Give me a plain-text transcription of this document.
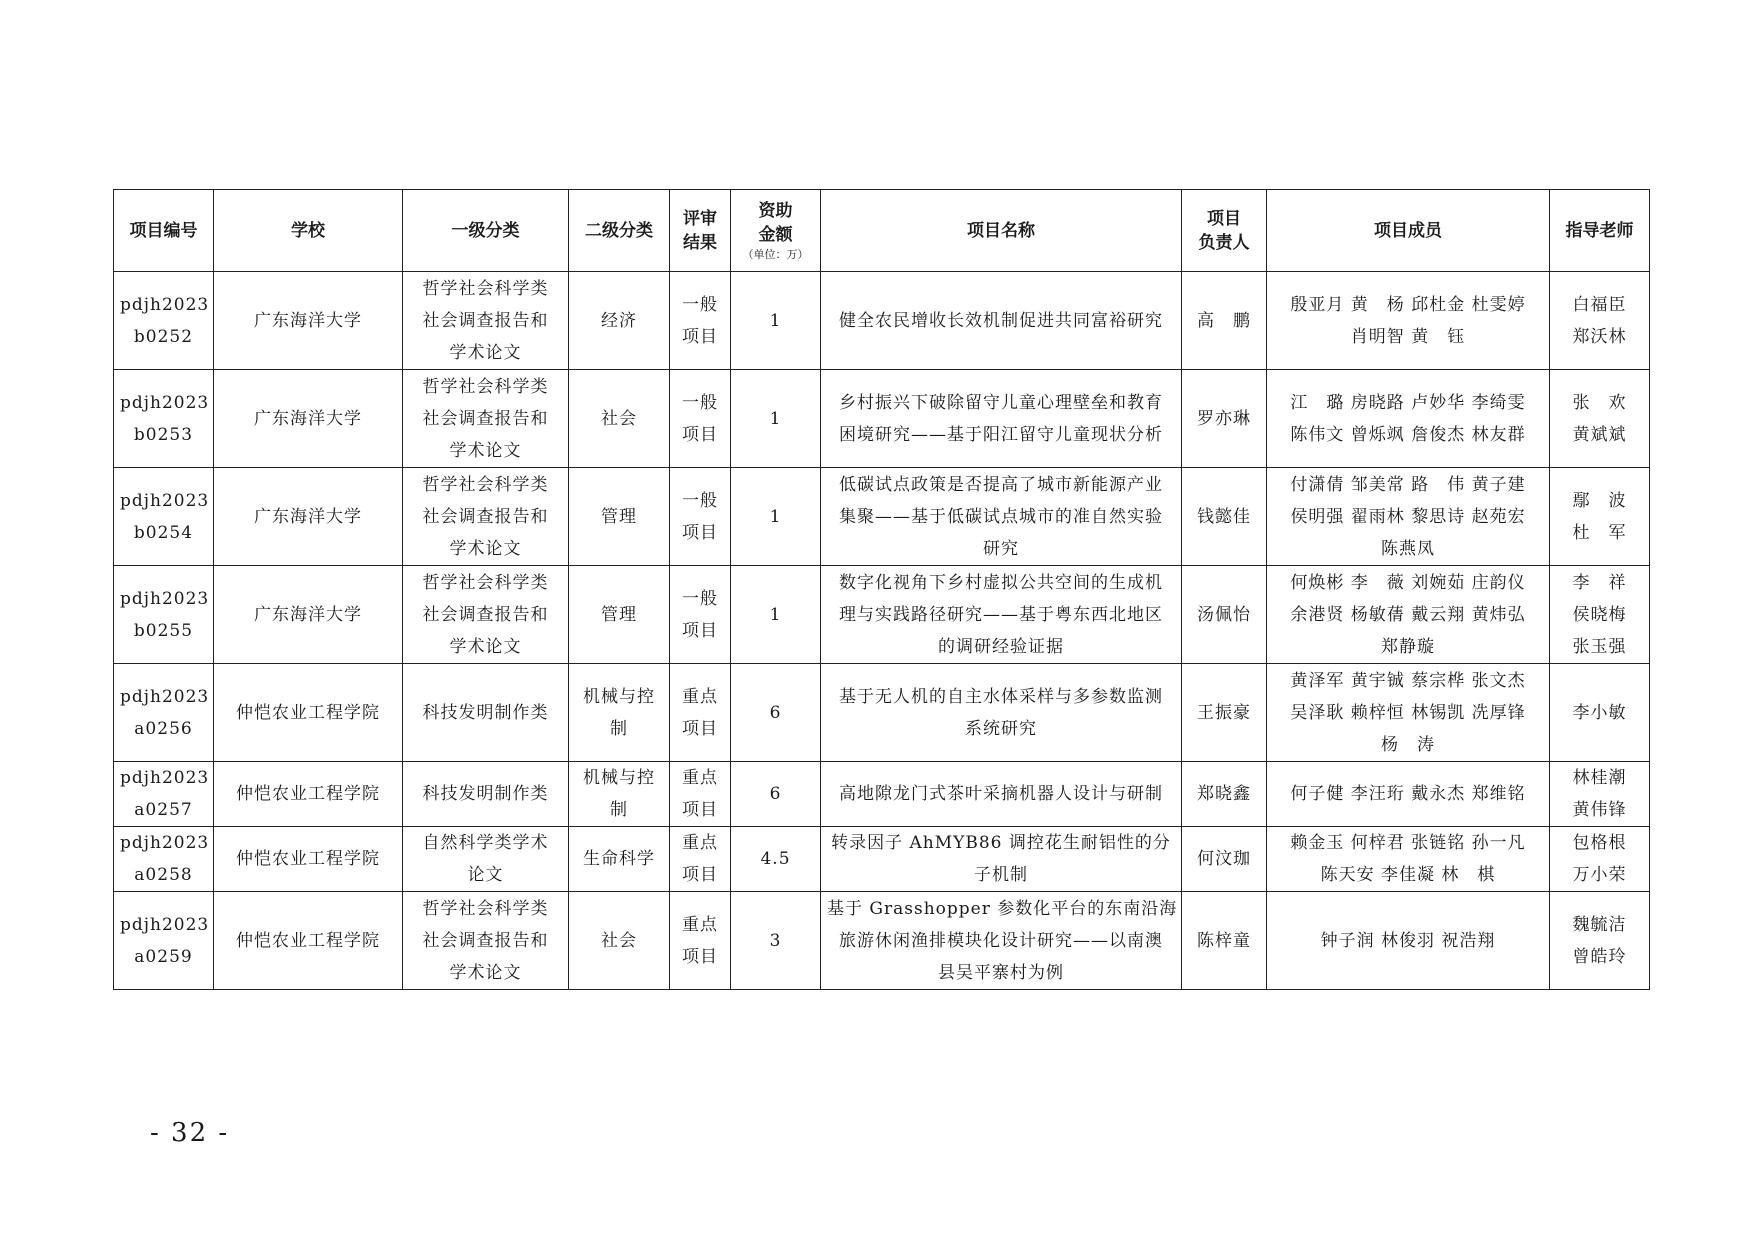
项目编号	学校	一级分类	二级分类	评审
结果	资助
金额
（单位：万）	项目名称	项目
负责人	项目成员	指导老师

pdjh2023
b0252	广东海洋大学	哲学社会科学类
社会调查报告和
学术论文	经济	一般
项目	1	健全农民增收长效机制促进共同富裕研究	高　鹏	殷亚月 黄　杨 邱杜金 杜雯婷
肖明智 黄　钰	白福臣
郑沃林

pdjh2023
b0253	广东海洋大学	哲学社会科学类
社会调查报告和
学术论文	社会	一般
项目	1	乡村振兴下破除留守儿童心理壁垒和教育
困境研究——基于阳江留守儿童现状分析	罗亦琳	江　璐 房晓路 卢妙华 李绮雯
陈伟文 曾烁飒 詹俊杰 林友群	张　欢
黄斌斌

pdjh2023
b0254	广东海洋大学	哲学社会科学类
社会调查报告和
学术论文	管理	一般
项目	1	低碳试点政策是否提高了城市新能源产业
集聚——基于低碳试点城市的准自然实验
研究	钱懿佳	付潇倩 邹美常 路　伟 黄子建
侯明强 翟雨林 黎思诗 赵苑宏
陈燕凤	鄢　波
杜　军

pdjh2023
b0255	广东海洋大学	哲学社会科学类
社会调查报告和
学术论文	管理	一般
项目	1	数字化视角下乡村虚拟公共空间的生成机
理与实践路径研究——基于粤东西北地区
的调研经验证据	汤佩怡	何焕彬 李　薇 刘婉茹 庄韵仪
余港贤 杨敏蒨 戴云翔 黄炜弘
郑静璇	李　祥
侯晓梅
张玉强

pdjh2023
a0256	仲恺农业工程学院	科技发明制作类	机械与控
制	重点
项目	6	基于无人机的自主水体采样与多参数监测
系统研究	王振豪	黄泽军 黄宇铖 蔡宗桦 张文杰
吴泽耿 赖梓恒 林锡凯 冼厚锋
杨　涛	李小敏

pdjh2023
a0257	仲恺农业工程学院	科技发明制作类	机械与控
制	重点
项目	6	高地隙龙门式茶叶采摘机器人设计与研制	郑晓鑫	何子健 李汪珩 戴永杰 郑维铭	林桂潮
黄伟锋

pdjh2023
a0258	仲恺农业工程学院	自然科学类学术
论文	生命科学	重点
项目	4.5	转录因子 AhMYB86 调控花生耐铝性的分
子机制	何汶珈	赖金玉 何梓君 张链铭 孙一凡
陈天安 李佳凝 林　棋	包格根
万小荣

pdjh2023
a0259	仲恺农业工程学院	哲学社会科学类
社会调查报告和
学术论文	社会	重点
项目	3	基于 Grasshopper 参数化平台的东南沿海
旅游休闲渔排模块化设计研究——以南澳
县吴平寨村为例	陈梓童	钟子润 林俊羽 祝浩翔	魏毓洁
曾皓玲
- 32 -
